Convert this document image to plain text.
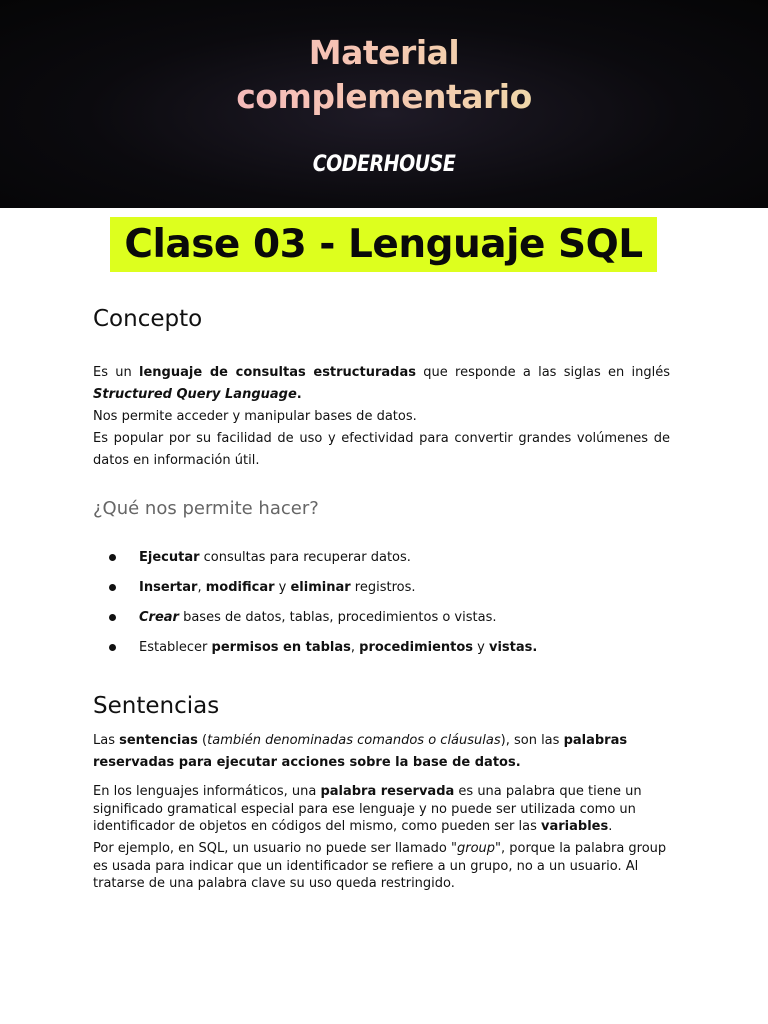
Material
complementario
CODERHOUSE
Clase 03 - Lenguaje SQL
Concepto
Es un lenguaje de consultas estructuradas que responde a las siglas en inglés Structured Query Language.
Nos permite acceder y manipular bases de datos.
Es popular por su facilidad de uso y efectividad para convertir grandes volúmenes de datos en información útil.
¿Qué nos permite hacer?
Ejecutar consultas para recuperar datos.
Insertar, modificar y eliminar registros.
Crear bases de datos, tablas, procedimientos o vistas.
Establecer permisos en tablas, procedimientos y vistas.
Sentencias
Las sentencias (también denominadas comandos o cláusulas), son las palabras reservadas para ejecutar acciones sobre la base de datos.
En los lenguajes informáticos, una palabra reservada es una palabra que tiene un significado gramatical especial para ese lenguaje y no puede ser utilizada como un identificador de objetos en códigos del mismo, como pueden ser las variables.
Por ejemplo, en SQL, un usuario no puede ser llamado "group", porque la palabra group es usada para indicar que un identificador se refiere a un grupo, no a un usuario. Al tratarse de una palabra clave su uso queda restringido.
